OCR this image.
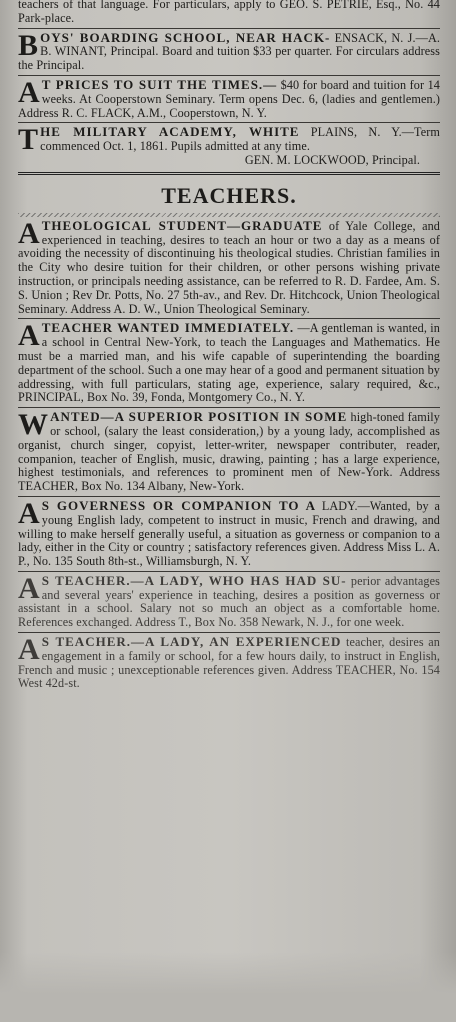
teachers of that language. For particulars, apply to GEO. S. PETRIE, Esq., No. 44 Park-place.

B OYS' BOARDING SCHOOL, NEAR HACK- ENSACK, N. J.—A. B. WINANT, Principal. Board and tuition $33 per quarter. For circulars address the Principal.
A T PRICES TO SUIT THE TIMES.— $40 for board and tuition for 14 weeks. At Cooperstown Seminary. Term opens Dec. 6, (ladies and gentlemen.) Address R. C. FLACK, A.M., Cooperstown, N. Y.
T HE MILITARY ACADEMY, WHITE PLAINS, N. Y.—Term commenced Oct. 1, 1861. Pupils admitted at any time.

GEN. M. LOCKWOOD, Principal.

TEACHERS.
A THEOLOGICAL STUDENT—GRADUATE of Yale College, and experienced in teaching, desires to teach an hour or two a day as a means of avoiding the necessity of discontinuing his theological studies. Christian families in the City who desire tuition for their children, or other persons wishing private instruction, or principals needing assistance, can be referred to R. D. Fardee, Am. S. S. Union ; Rev Dr. Potts, No. 27 5th-av., and Rev. Dr. Hitchcock, Union Theological Seminary. Address A. D. W., Union Theological Seminary.
A TEACHER WANTED IMMEDIATELY. —A gentleman is wanted, in a school in Central New-York, to teach the Languages and Mathematics. He must be a married man, and his wife capable of superintending the boarding department of the school. Such a one may hear of a good and permanent situation by addressing, with full particulars, stating age, experience, salary required, &c., PRINCIPAL, Box No. 39, Fonda, Montgomery Co., N. Y.
W ANTED—A SUPERIOR POSITION IN SOME high-toned family or school, (salary the least consideration,) by a young lady, accomplished as organist, church singer, copyist, letter-writer, newspaper contributer, reader, companion, teacher of English, music, drawing, painting ; has a large experience, highest testimonials, and references to prominent men of New-York. Address TEACHER, Box No. 134 Albany, New-York.
A S GOVERNESS OR COMPANION TO A LADY.—Wanted, by a young English lady, competent to instruct in music, French and drawing, and willing to make herself generally useful, a situation as governess or companion to a lady, either in the City or country ; satisfactory references given. Address Miss L. A. P., No. 135 South 8th-st., Williamsburgh, N. Y.
A S TEACHER.—A LADY, WHO HAS HAD SU- perior advantages and several years' experience in teaching, desires a position as governess or assistant in a school. Salary not so much an object as a comfortable home. References exchanged. Address T., Box No. 358 Newark, N. J., for one week.
A S TEACHER.—A LADY, AN EXPERIENCED teacher, desires an engagement in a family or school, for a few hours daily, to instruct in English, French and music ; unexceptionable references given. Address TEACHER, No. 154 West 42d-st.
